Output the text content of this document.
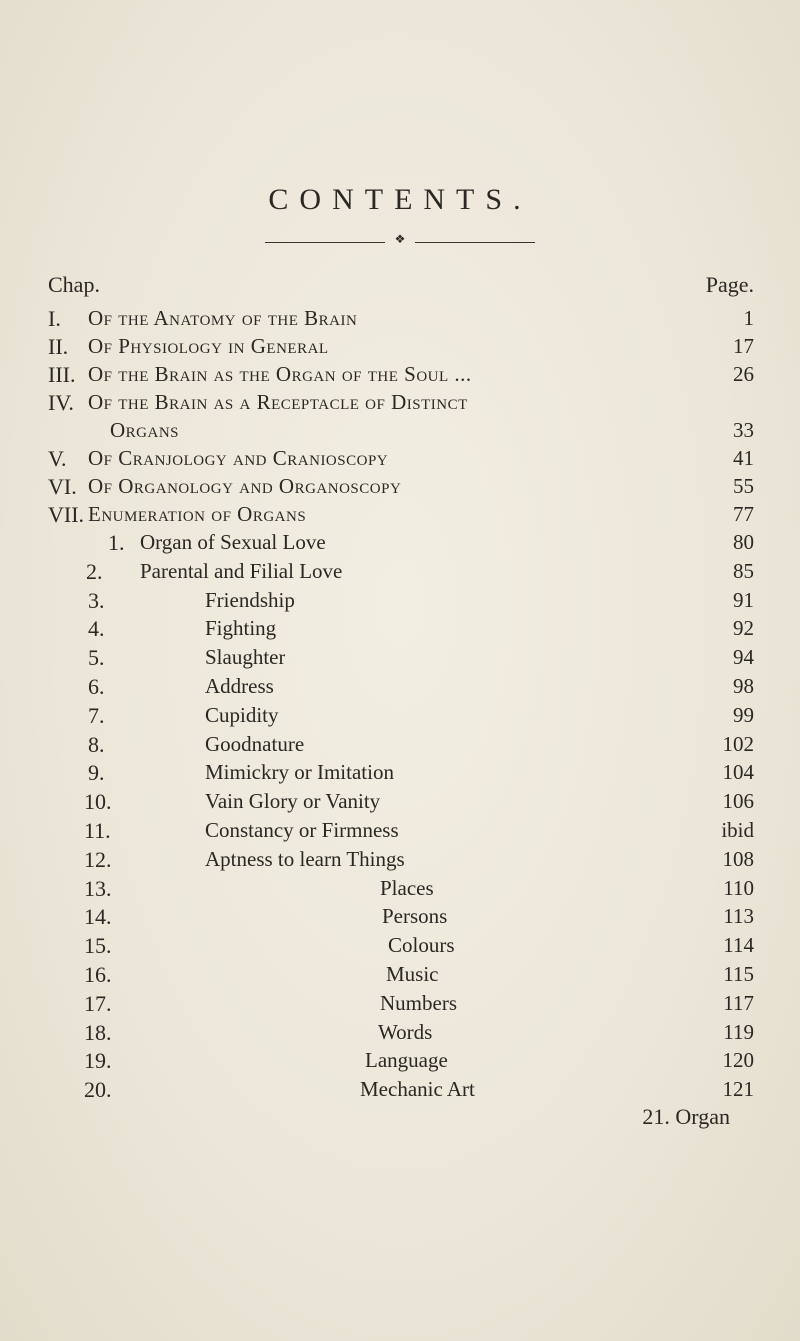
CONTENTS.
❖
Chap.	Page.
I. Of the Anatomy of the Brain	1
II. Of Physiology in General	17
III. Of the Brain as the Organ of the Soul ...	26
IV. Of the Brain as a Receptacle of Distinct
Organs	33
V. Of Cranjology and Cranioscopy	41
VI. Of Organology and Organoscopy	55
VII. Enumeration of Organs	77
1. Organ of Sexual Love	80
2. Parental and Filial Love	85
3.	Friendship	91
4.	Fighting	92
5.	Slaughter	94
6.	Address	98
7.	Cupidity	99
8.	Goodnature	102
9.	Mimickry or Imitation	104
10.	Vain Glory or Vanity	106
11.	Constancy or Firmness	ibid
12.	Aptness to learn Things	108
13.	Places	110
14.	Persons	113
15.	Colours	114
16.	Music	115
17.	Numbers	117
18.	Words	119
19.	Language	120
20.	Mechanic Art	121
21. Organ
